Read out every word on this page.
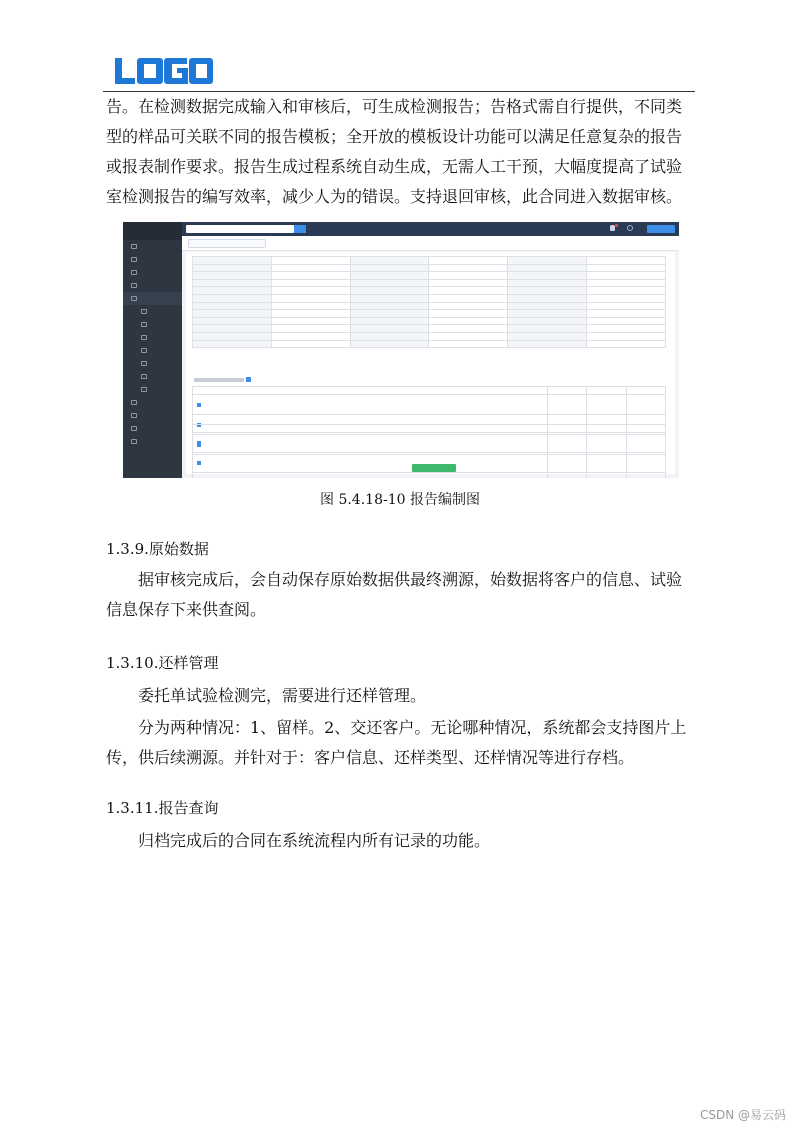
告。在检测数据完成输入和审核后，可生成检测报告；告格式需自行提供，不同类型的样品可关联不同的报告模板；全开放的模板设计功能可以满足任意复杂的报告或报表制作要求。报告生成过程系统自动生成，无需人工干预，大幅度提高了试验室检测报告的编写效率，减少人为的错误。支持退回审核，此合同进入数据审核。

图 5.4.18-10 报告编制图
1.3.9.原始数据

据审核完成后，会自动保存原始数据供最终溯源，始数据将客户的信息、试验信息保存下来供查阅。

1.3.10.还样管理

委托单试验检测完，需要进行还样管理。

分为两种情况：1、留样。2、交还客户。无论哪种情况，系统都会支持图片上传，供后续溯源。并针对于：客户信息、还样类型、还样情况等进行存档。

1.3.11.报告查询

归档完成后的合同在系统流程内所有记录的功能。

CSDN @易云码
